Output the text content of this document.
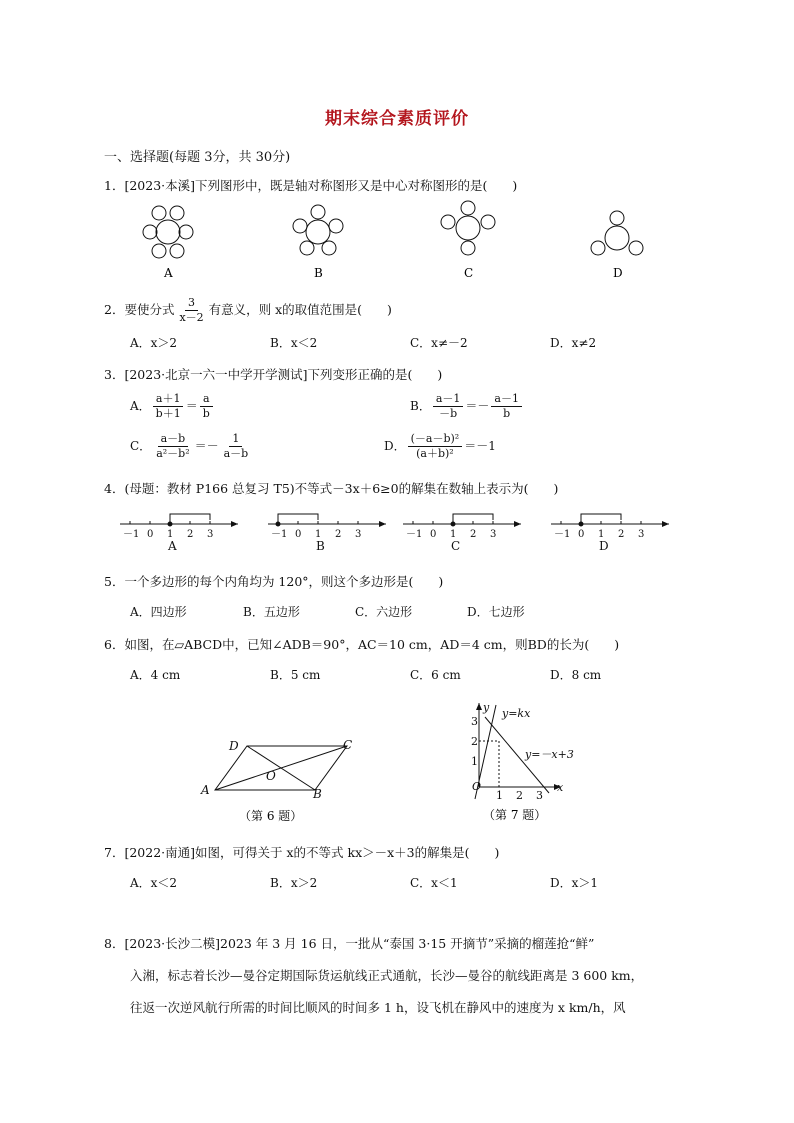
期末综合素质评价
一、选择题(每题 3分，共 30分)
1．[2023·本溪]下列图形中，既是轴对称图形又是中心对称图形的是(　　)
A	B	C	D
2．要使分式 $\frac{3}{x-2}$ 有意义，则 x的取值范围是(　　)
A．x＞2	B．x＜2	C．x≠－2	D．x≠2
3．[2023·北京一六一中学开学测试]下列变形正确的是(　　)
A． $\frac{a+1}{b+1} = \frac{a}{b}$	B． $\frac{a-1}{-b} =- \frac{a-1}{b}$
C． $\frac{a-b}{\text{a²－b²}} =- \frac{1}{a-b}$	D． $\frac{\text{(－a－b)²}}{\text{(a＋b)²}} =-1$
4．(母题：教材 P166 总复习 T5)不等式－3x＋6≥0的解集在数轴上表示为(　　)
－1 0 1 2 3
A
－1 0 1 2 3
B
－1 0 1 2 3
C
－1 0 1 2 3
D
5．一个多边形的每个内角均为 120°，则这个多边形是(　　)
A．四边形	B．五边形	C．六边形	D．七边形
6．如图，在▱ABCD中，已知∠ADB＝90°，AC＝10 cm，AD＝4 cm，则BD的长为(　　)
A．4 cm	B．5 cm	C．6 cm	D．8 cm
A	B
C
D
O
（第 6 题）
O	x
y
1 2 3
1
2
3
y=kx
y=－x+3
（第 7 题）
7．[2022·南通]如图，可得关于 x的不等式 kx＞－x＋3的解集是(　　)
A．x＜2	B．x＞2	C．x＜1	D．x＞1
8．[2023·长沙二模]2023 年 3 月 16 日，一批从“泰国 3·15 开摘节”采摘的榴莲抢“鲜”
入湘，标志着长沙—曼谷定期国际货运航线正式通航，长沙—曼谷的航线距离是 3 600 km，
往返一次逆风航行所需的时间比顺风的时间多 1 h，设飞机在静风中的速度为 x km/h，风
